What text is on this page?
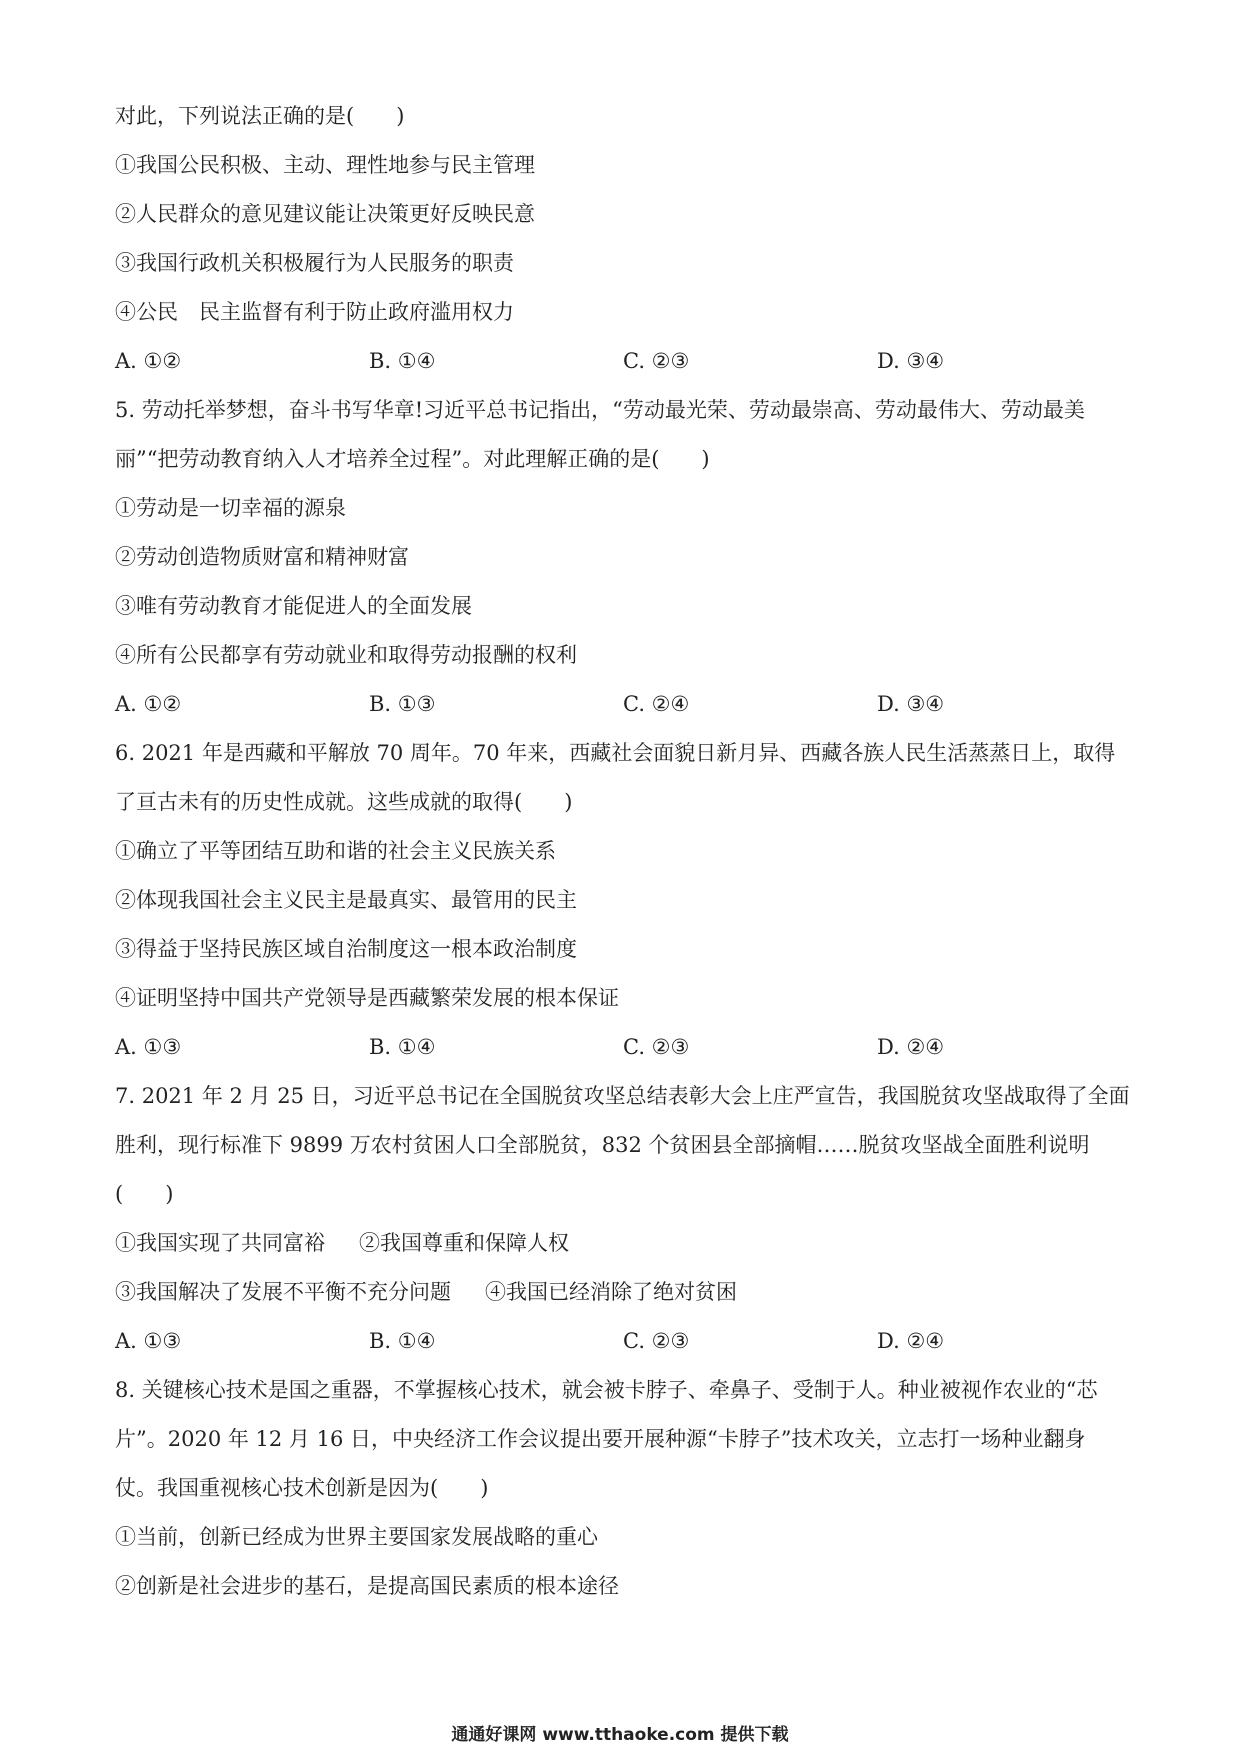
对此，下列说法正确的是(　　)
①我国公民积极、主动、理性地参与民主管理
②人民群众的意见建议能让决策更好反映民意
③我国行政机关积极履行为人民服务的职责
④公民　民主监督有利于防止政府滥用权力
A. ①②	B. ①④	C. ②③	D. ③④
5. 劳动托举梦想，奋斗书写华章!习近平总书记指出，“劳动最光荣、劳动最崇高、劳动最伟大、劳动最美
丽”“把劳动教育纳入人才培养全过程”。对此理解正确的是(　　)
①劳动是一切幸福的源泉
②劳动创造物质财富和精神财富
③唯有劳动教育才能促进人的全面发展
④所有公民都享有劳动就业和取得劳动报酬的权利
A. ①②	B. ①③	C. ②④	D. ③④
6. 2021 年是西藏和平解放 70 周年。70 年来，西藏社会面貌日新月异、西藏各族人民生活蒸蒸日上，取得
了亘古未有的历史性成就。这些成就的取得(　　)
①确立了平等团结互助和谐的社会主义民族关系
②体现我国社会主义民主是最真实、最管用的民主
③得益于坚持民族区域自治制度这一根本政治制度
④证明坚持中国共产党领导是西藏繁荣发展的根本保证
A. ①③	B. ①④	C. ②③	D. ②④
7. 2021 年 2 月 25 日，习近平总书记在全国脱贫攻坚总结表彰大会上庄严宣告，我国脱贫攻坚战取得了全面
胜利，现行标准下 9899 万农村贫困人口全部脱贫，832 个贫困县全部摘帽……脱贫攻坚战全面胜利说明
(　　)
①我国实现了共同富裕 ②我国尊重和保障人权
③我国解决了发展不平衡不充分问题 ④我国已经消除了绝对贫困
A. ①③	B. ①④	C. ②③	D. ②④
8. 关键核心技术是国之重器，不掌握核心技术，就会被卡脖子、牵鼻子、受制于人。种业被视作农业的“芯
片”。2020 年 12 月 16 日，中央经济工作会议提出要开展种源“卡脖子”技术攻关，立志打一场种业翻身
仗。我国重视核心技术创新是因为(　　)
①当前，创新已经成为世界主要国家发展战略的重心
②创新是社会进步的基石，是提高国民素质的根本途径
通通好课网 www.tthaoke.com 提供下载
